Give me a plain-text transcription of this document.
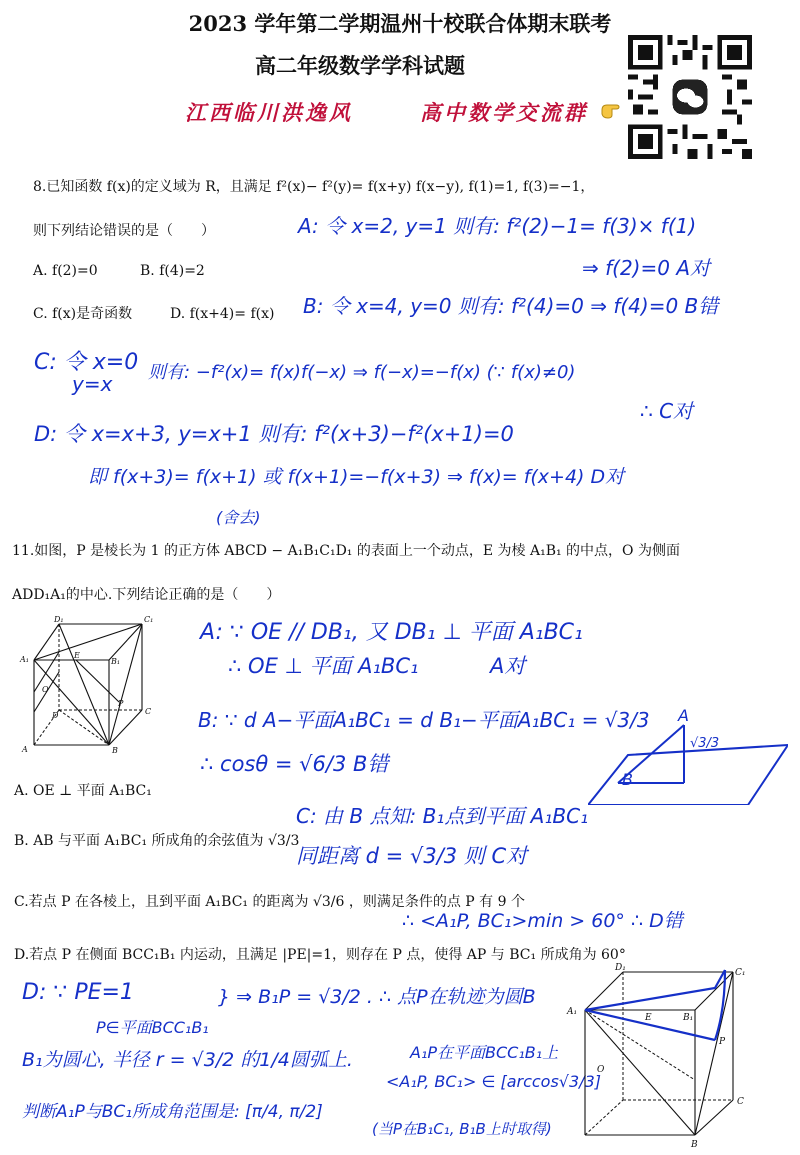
2023 学年第二学期温州十校联合体期末联考
高二年级数学学科试题
江西临川洪逸风	高中数学交流群
8.已知函数 f(x)的定义域为 R，且满足 f²(x)− f²(y)= f(x+y) f(x−y), f(1)=1, f(3)=−1，
则下列结论错误的是（　　）
A. f(2)=0	B. f(4)=2
C. f(x)是奇函数	D. f(x+4)= f(x)
A: 令 x=2, y=1 则有: f²(2)−1= f(3)× f(1)
⇒ f(2)=0 A对
B: 令 x=4, y=0 则有: f²(4)=0 ⇒ f(4)=0 B错
C: 令 x=0
y=x 则有: −f²(x)= f(x)f(−x) ⇒ f(−x)=−f(x) (∵ f(x)≠0)
∴ C对
D: 令 x=x+3, y=x+1 则有: f²(x+3)−f²(x+1)=0
即 f(x+3)= f(x+1) 或 f(x+1)=−f(x+3) ⇒ f(x)= f(x+4) D对
(舍去)
11.如图，P 是棱长为 1 的正方体 ABCD − A₁B₁C₁D₁ 的表面上一个动点，E 为棱 A₁B₁ 的中点，O 为侧面
ADD₁A₁的中心.下列结论正确的是（　　）
D₁	C₁
A₁	B₁
E
O
P
D	C
A	B
A. OE ⊥ 平面 A₁BC₁
B. AB 与平面 A₁BC₁ 所成角的余弦值为 √3/3
C.若点 P 在各棱上，且到平面 A₁BC₁ 的距离为 √3/6 ，则满足条件的点 P 有 9 个
D.若点 P 在侧面 BCC₁B₁ 内运动，且满足 |PE|=1，则存在 P 点，使得 AP 与 BC₁ 所成角为 60°
A: ∵ OE // DB₁, 又 DB₁ ⊥ 平面 A₁BC₁
∴ OE ⊥ 平面 A₁BC₁	A对
B: ∵ d A−平面A₁BC₁ = d B₁−平面A₁BC₁ = √3/3
∴ cosθ = √6/3 B错
C: 由 B 点知: B₁点到平面 A₁BC₁
同距离 d = √3/3 则 C对
∴ <A₁P, BC₁>min > 60° ∴ D错
A
B
√3/3
D: ∵ PE=1
P∈平面BCC₁B₁
} ⇒ B₁P = √3/2 . ∴ 点P在轨迹为圆B
B₁为圆心, 半径 r = √3/2 的1/4圆弧上.	A₁P在平面BCC₁B₁上
<A₁P, BC₁> ∈ [arccos√3/3]
判断A₁P与BC₁所成角范围是: [π/4, π/2]
(当P在B₁C₁, B₁B上时取得)
D₁	C₁
A₁
B₁
E
O
P
C
B
